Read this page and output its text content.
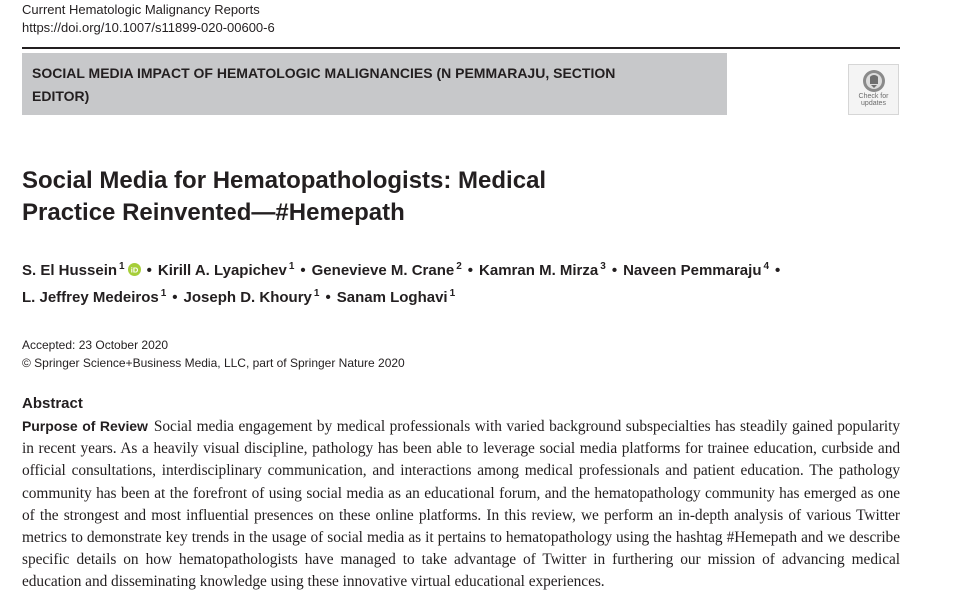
Current Hematologic Malignancy Reports
https://doi.org/10.1007/s11899-020-00600-6
SOCIAL MEDIA IMPACT OF HEMATOLOGIC MALIGNANCIES (N PEMMARAJU, SECTION
EDITOR)	Check for
updates
Social Media for Hematopathologists: Medical
Practice Reinvented—#Hemepath
S. El Hussein $^1$ iD • Kirill A. Lyapichev $^1$ • Genevieve M. Crane $^2$ • Kamran M. Mirza $^3$ • Naveen Pemmaraju $^4$ •
L. Jeffrey Medeiros $^1$ • Joseph D. Khoury $^1$ • Sanam Loghavi $^1$
Accepted: 23 October 2020
© Springer Science+Business Media, LLC, part of Springer Nature 2020
Abstract
Purpose of Review Social media engagement by medical professionals with varied background subspecialties has steadily gained popularity in recent years. As a heavily visual discipline, pathology has been able to leverage social media platforms for trainee education, curbside and official consultations, interdisciplinary communication, and interactions among medical professionals and patient education. The pathology community has been at the forefront of using social media as an educational forum, and the hematopathology community has emerged as one of the strongest and most influential presences on these online platforms. In this review, we perform an in-depth analysis of various Twitter metrics to demonstrate key trends in the usage of social media as it pertains to hematopathology using the hashtag #Hemepath and we describe specific details on how hematopathologists have managed to take advantage of Twitter in furthering our mission of advancing medical education and disseminating knowledge using these innovative virtual educational experiences.
